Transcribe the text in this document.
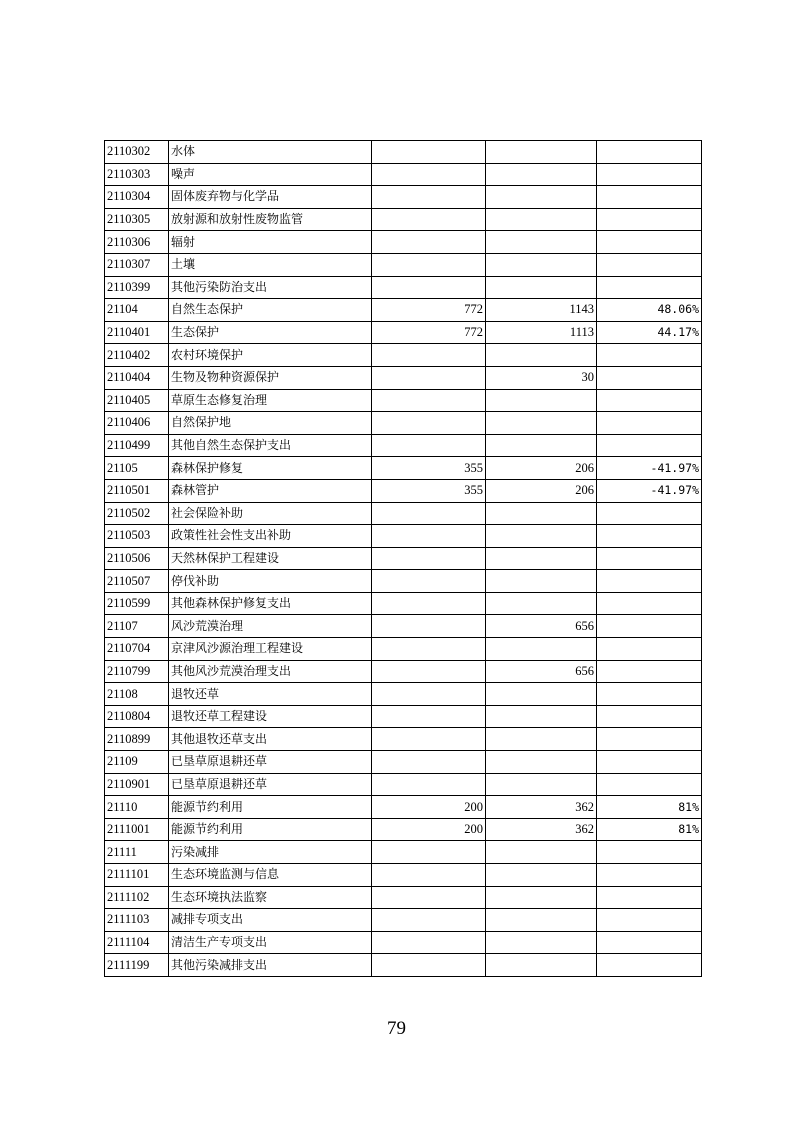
2110302	水体			
2110303	噪声			
2110304	固体废弃物与化学品			
2110305	放射源和放射性废物监管			
2110306	辐射			
2110307	土壤			
2110399	其他污染防治支出			
21104	自然生态保护	772	1143	48.06%
2110401	生态保护	772	1113	44.17%
2110402	农村环境保护			
2110404	生物及物种资源保护		30	
2110405	草原生态修复治理			
2110406	自然保护地			
2110499	其他自然生态保护支出			
21105	森林保护修复	355	206	-41.97%
2110501	森林管护	355	206	-41.97%
2110502	社会保险补助			
2110503	政策性社会性支出补助			
2110506	天然林保护工程建设			
2110507	停伐补助			
2110599	其他森林保护修复支出			
21107	风沙荒漠治理		656	
2110704	京津风沙源治理工程建设			
2110799	其他风沙荒漠治理支出		656	
21108	退牧还草			
2110804	退牧还草工程建设			
2110899	其他退牧还草支出			
21109	已垦草原退耕还草			
2110901	已垦草原退耕还草			
21110	能源节约利用	200	362	81%
2111001	能源节约利用	200	362	81%
21111	污染减排			
2111101	生态环境监测与信息			
2111102	生态环境执法监察			
2111103	减排专项支出			
2111104	清洁生产专项支出			
2111199	其他污染减排支出			
79
